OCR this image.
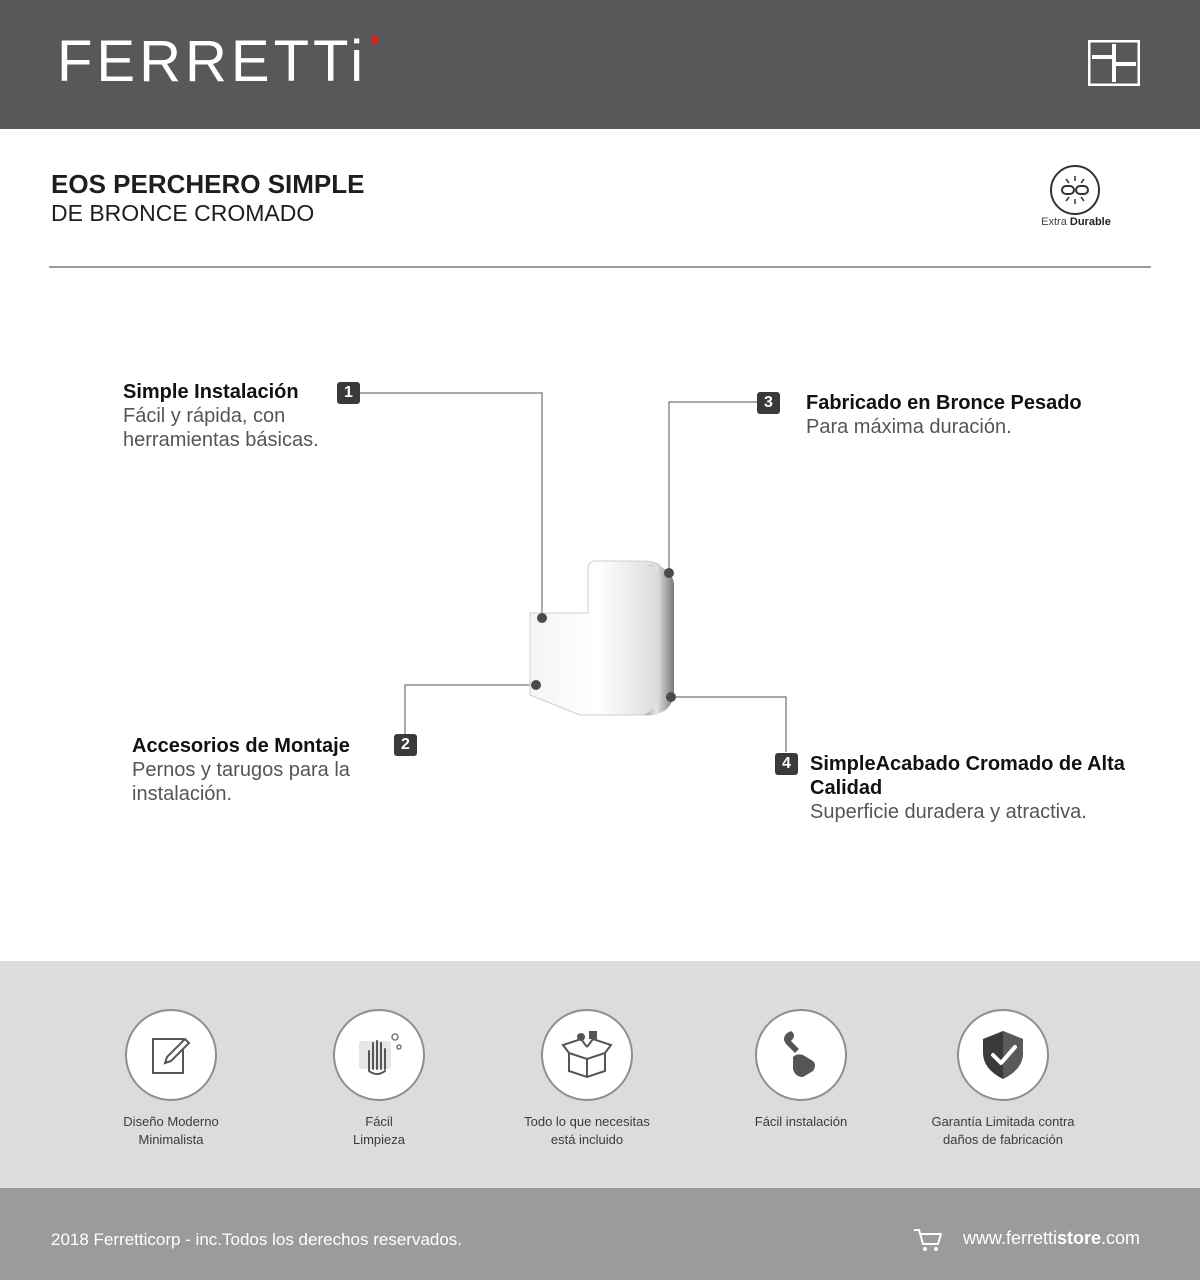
FERRETTi
EOS PERCHERO SIMPLE
DE BRONCE CROMADO	Extra Durable
Simple Instalación
Fácil y rápida, con herramientas básicas.
1
Accesorios de Montaje
Pernos y tarugos para la instalación.
2
3	Fabricado en Bronce Pesado
Para máxima duración.
4 SimpleAcabado Cromado de Alta Calidad
Superficie duradera y atractiva.
Diseño Moderno
Minimalista
Fácil
Limpieza
Todo lo que necesitas
está incluido
Fácil instalación	Garantía Limitada contra
daños de fabricación
2018 Ferretticorp - inc.Todos los derechos reservados.	www.ferrettistore.com
